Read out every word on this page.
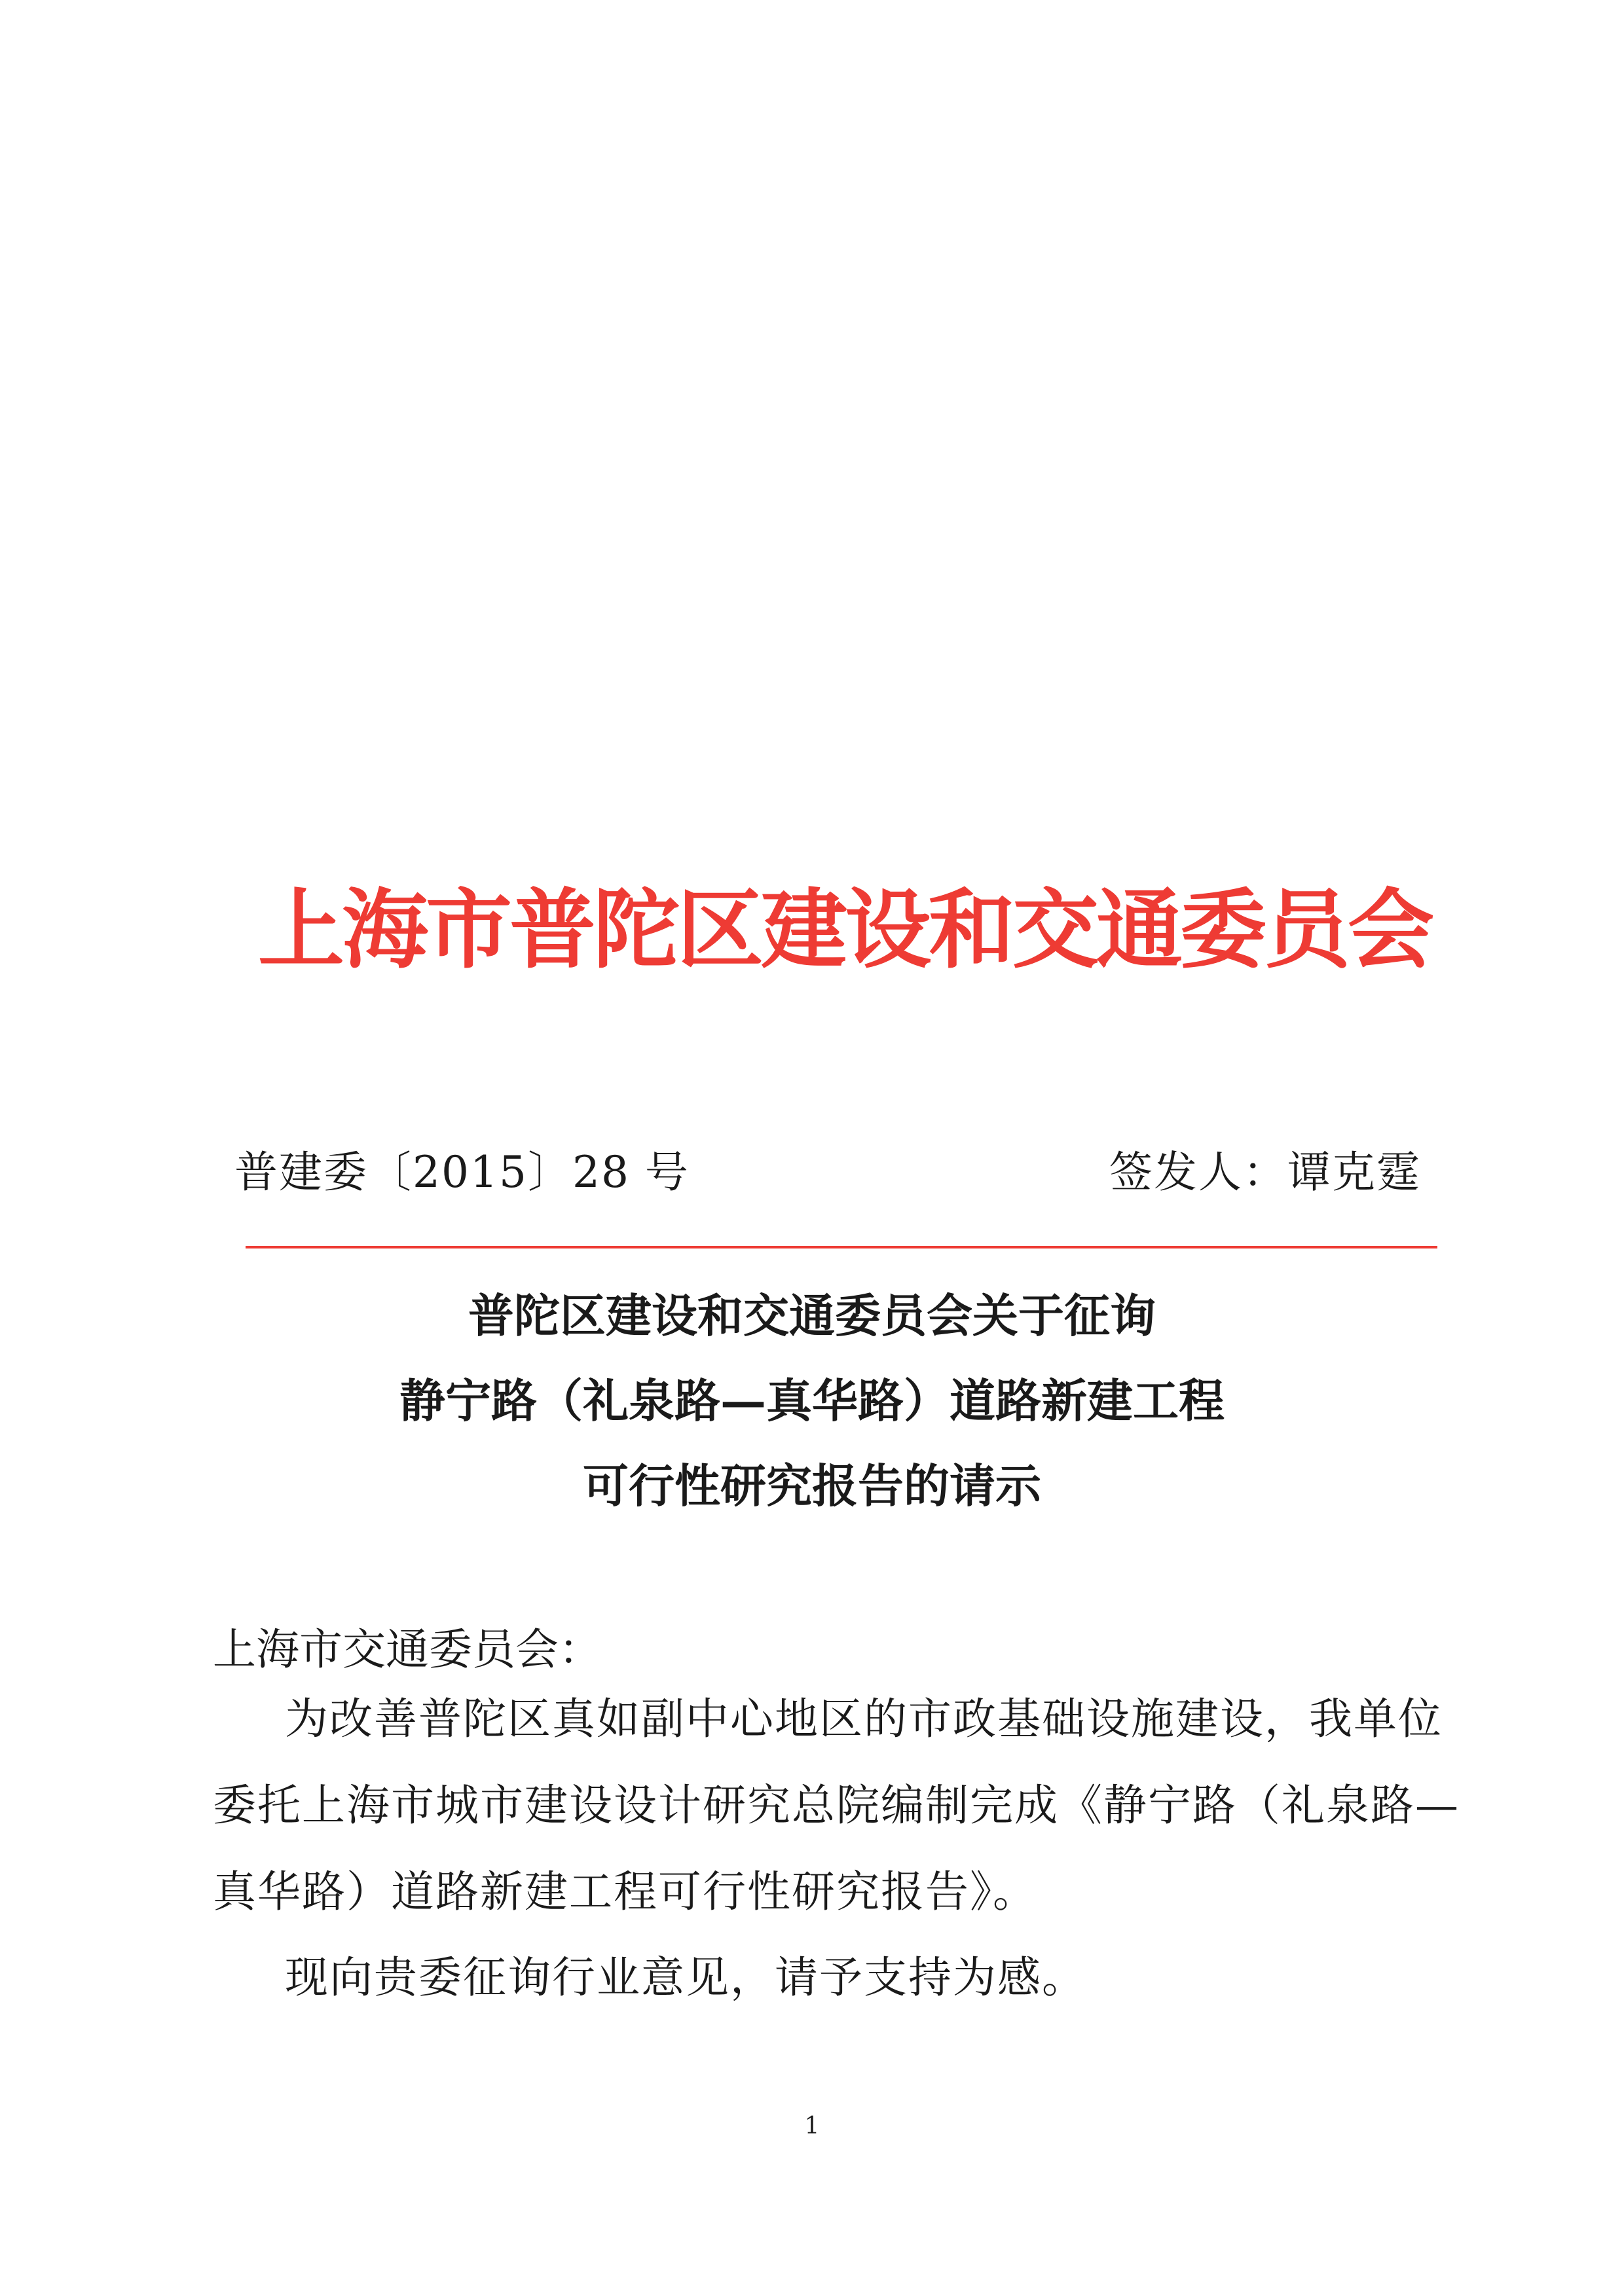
上海市普陀区建设和交通委员会
普建委〔2015〕28 号	签发人：谭克霆
普陀区建设和交通委员会关于征询
静宁路（礼泉路—真华路）道路新建工程
可行性研究报告的请示
上海市交通委员会：
为改善普陀区真如副中心地区的市政基础设施建设，我单位
委托上海市城市建设设计研究总院编制完成《静宁路（礼泉路—
真华路）道路新建工程可行性研究报告》。
现向贵委征询行业意见，请予支持为感。
1
